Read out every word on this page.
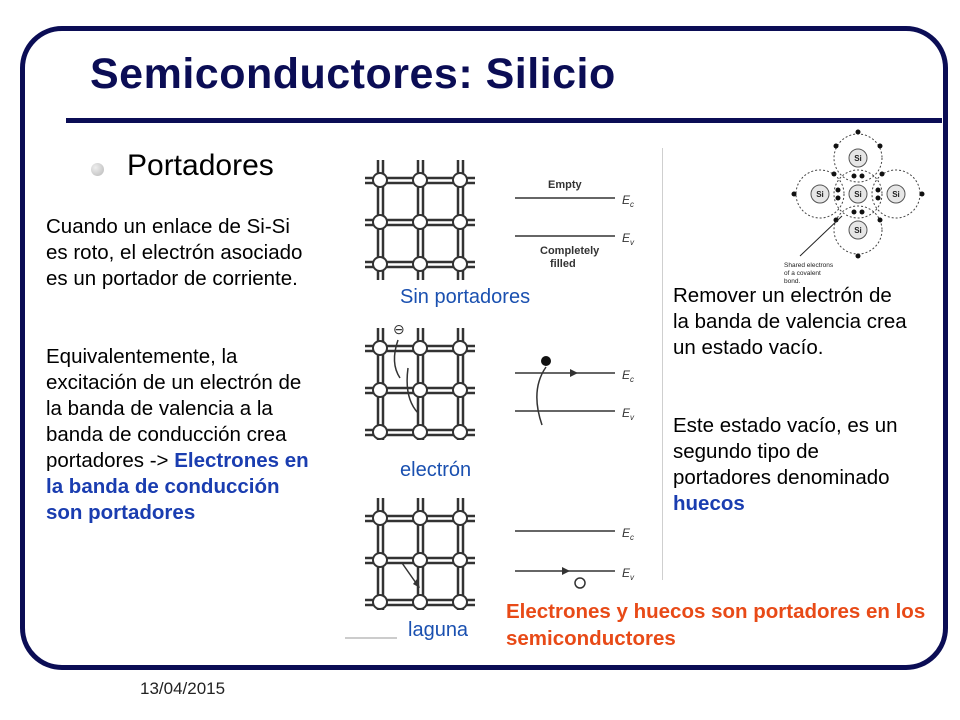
Semiconductores: Silicio
Portadores
Cuando un enlace de Si-Si es roto, el electrón asociado es un portador de corriente.
Equivalentemente, la excitación de un electrón de la banda de valencia a la banda de conducción crea portadores -> Electrones en la banda de conducción son portadores
Remover un electrón de la banda de valencia crea un estado vacío.
Este estado vacío, es un segundo tipo de portadores denominado huecos
Empty
$E_c$
$E_v$
Completely
filled
Sin portadores
⊖
$E_c$
$E_v$
electrón
$E_c$
$E_v$
laguna
Si
Si	Si	Si
Si
Shared electrons
of a covalent
bond.
Electrones y huecos son portadores en los semiconductores
13/04/2015
